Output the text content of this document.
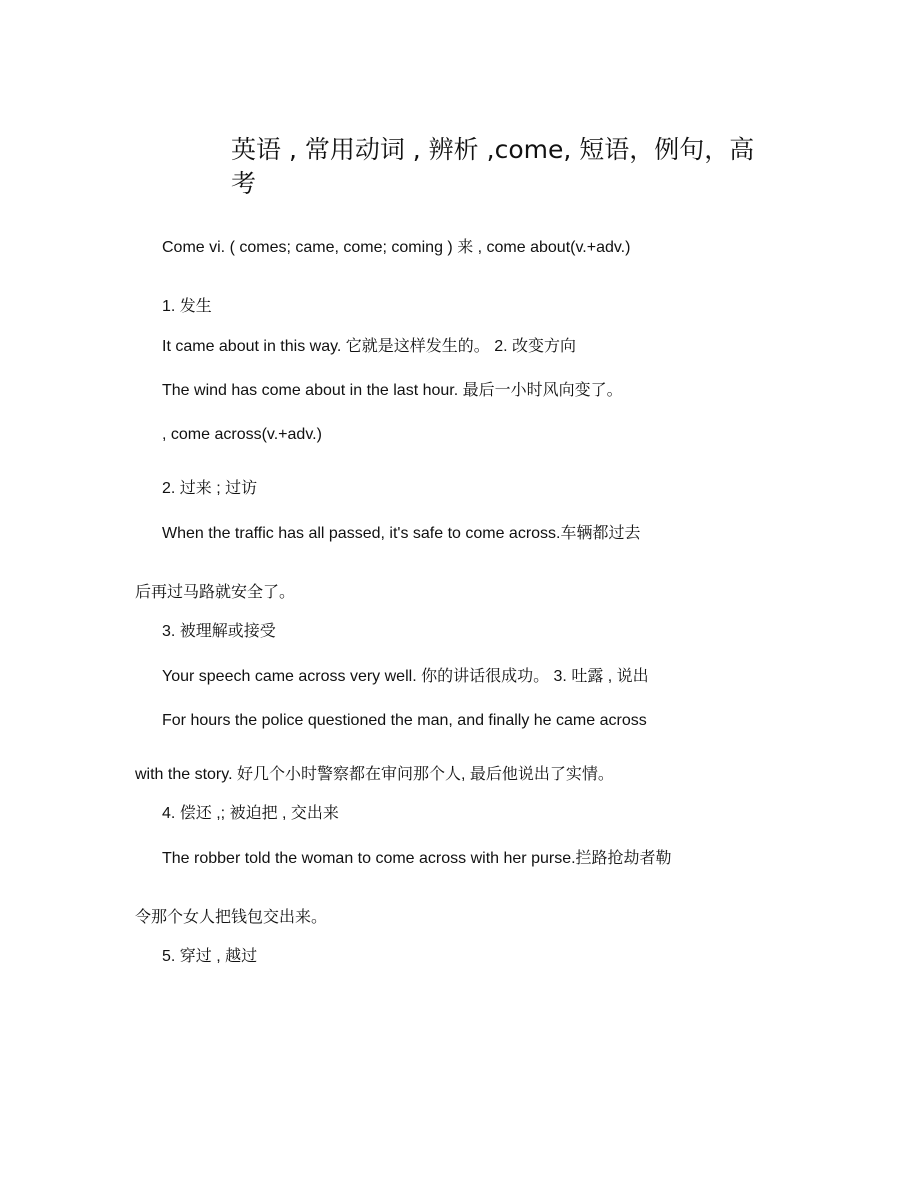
英语 , 常用动词 , 辨析 ,come, 短语，例句，高考
Come vi. ( comes; came, come; coming ) 来 , come about(v.+adv.)
1. 发生
It came about in this way. 它就是这样发生的。 2. 改变方向
The wind has come about in the last hour. 最后一小时风向变了。
, come across(v.+adv.)
2. 过来 ; 过访
When the traffic has all passed, it's safe to come across.车辆都过去
后再过马路就安全了。
3. 被理解或接受
Your speech came across very well. 你的讲话很成功。 3. 吐露 , 说出
For hours the police questioned the man, and finally he came across
with the story. 好几个小时警察都在审问那个人, 最后他说出了实情。
4. 偿还 ,; 被迫把 , 交出来
The robber told the woman to come across with her purse.拦路抢劫者勒
令那个女人把钱包交出来。
5. 穿过 , 越过
